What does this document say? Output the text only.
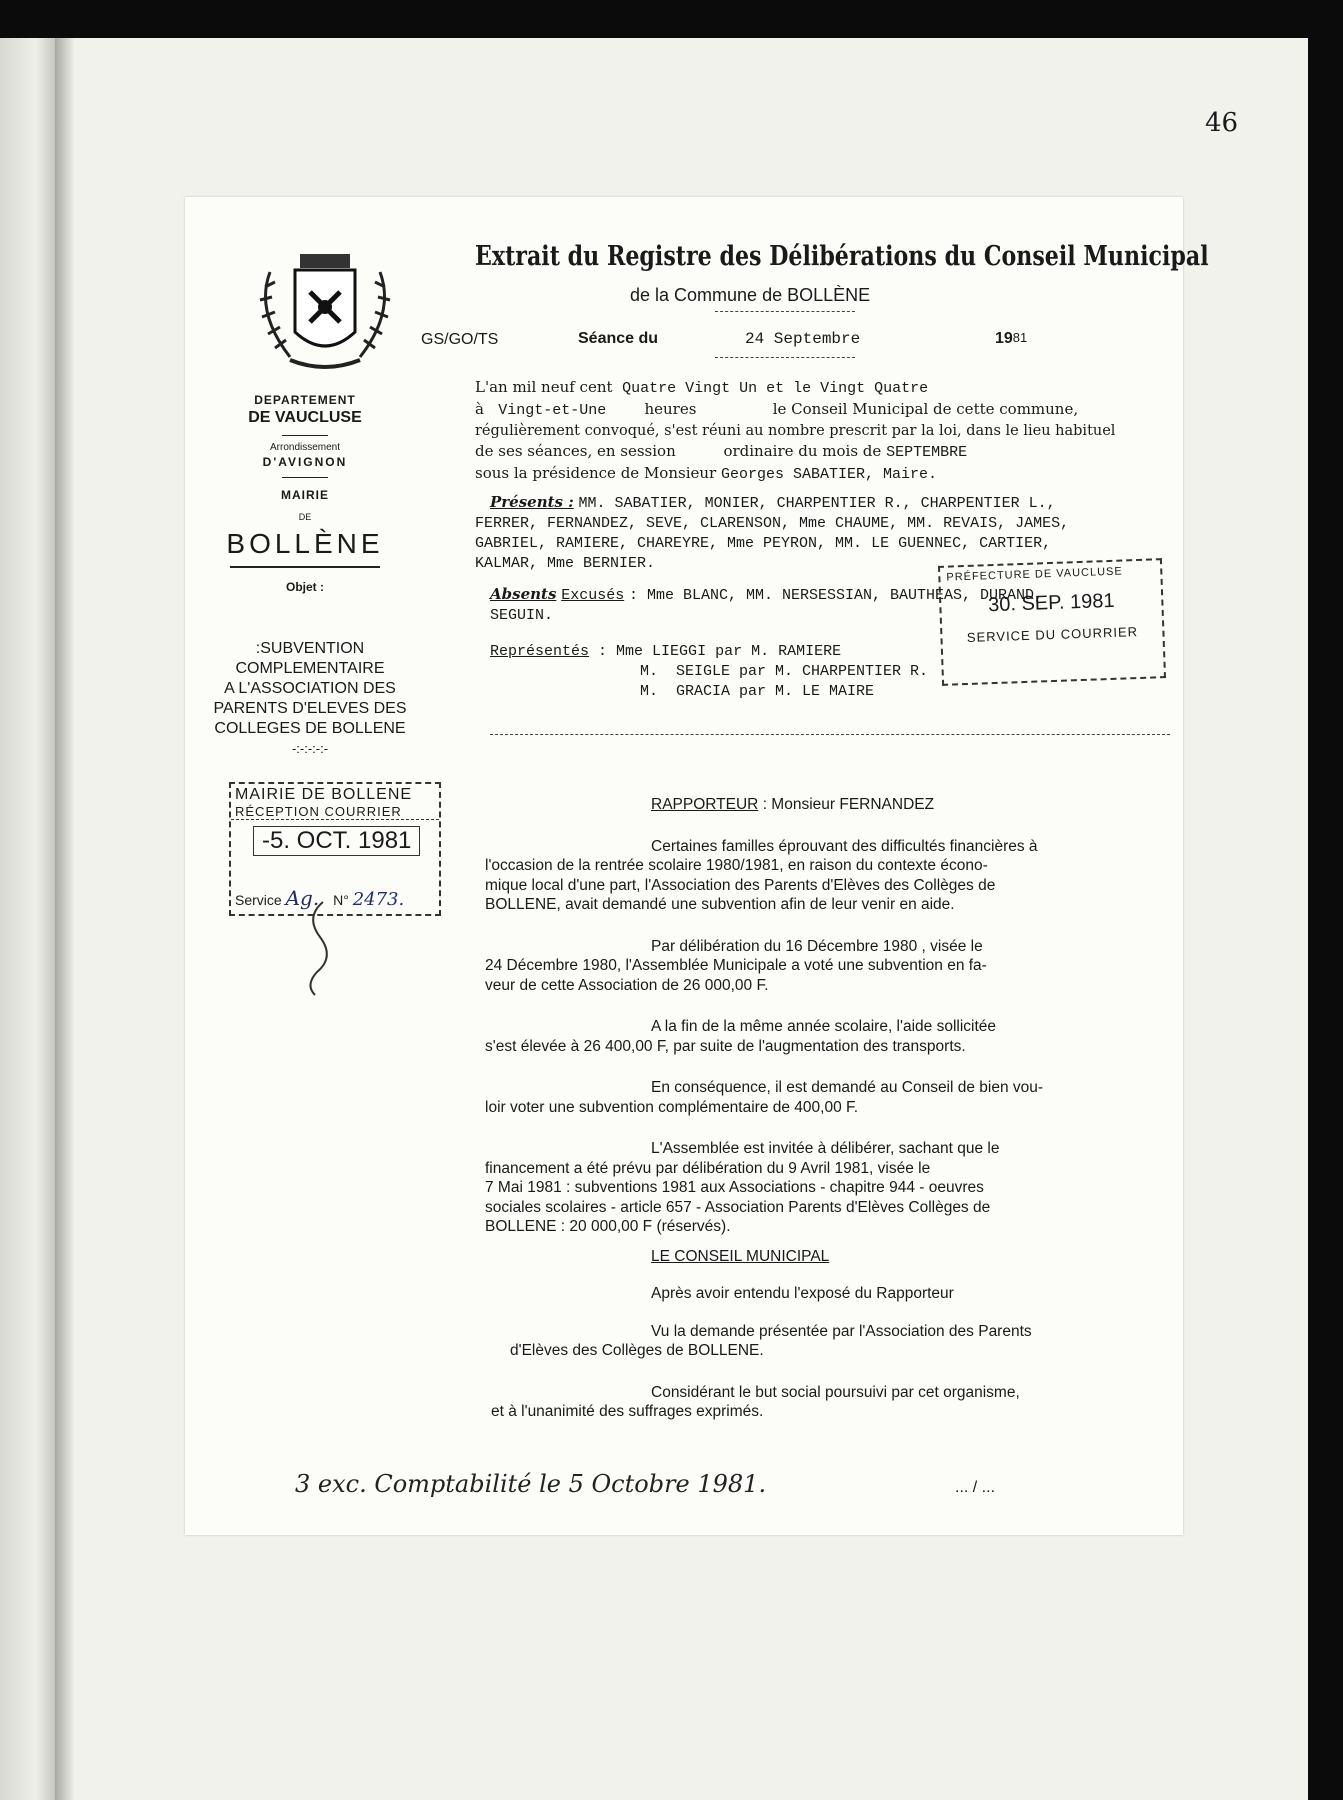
46
DEPARTEMENT
DE VAUCLUSE
Arrondissement
D'AVIGNON
MAIRIE
DE
BOLLÈNE
Objet :
:SUBVENTION
COMPLEMENTAIRE
A L'ASSOCIATION DES
PARENTS D'ELEVES DES
COLLEGES DE BOLLENE
-:-:-:-:-
MAIRIE DE BOLLENE
RÉCEPTION COURRIER
-5. OCT. 1981
Service Ag. N° 2473.
Extrait du Registre des Délibérations du Conseil Municipal
de la Commune de BOLLÈNE
GS/GO/TS	Séance du	24 Septembre	$19^{81}$
L'an mil neuf cent Quatre Vingt Un et le Vingt Quatre
à Vingt-et-Une	heures	le Conseil Municipal de cette commune,
régulièrement convoqué, s'est réuni au nombre prescrit par la loi, dans le lieu habituel
de ses séances, en session	ordinaire du mois de SEPTEMBRE
sous la présidence de Monsieur Georges SABATIER, Maire.
Présents : MM. SABATIER, MONIER, CHARPENTIER R., CHARPENTIER L.,
FERRER, FERNANDEZ, SEVE, CLARENSON, Mme CHAUME, MM. REVAIS, JAMES,
GABRIEL, RAMIERE, CHAREYRE, Mme PEYRON, MM. LE GUENNEC, CARTIER,
KALMAR, Mme BERNIER.
Absents Excusés : Mme BLANC, MM. NERSESSIAN, BAUTHEAS, DURAND,
SEGUIN.
Représentés : Mme LIEGGI par M. RAMIERE
M.  SEIGLE par M. CHARPENTIER R.
M.  GRACIA par M. LE MAIRE
PRÉFECTURE DE VAUCLUSE
30. SEP. 1981
SERVICE DU COURRIER
RAPPORTEUR : Monsieur FERNANDEZ
Certaines familles éprouvant des difficultés financières à
l'occasion de la rentrée scolaire 1980/1981, en raison du contexte écono-
mique local d'une part, l'Association des Parents d'Elèves des Collèges de
BOLLENE, avait demandé une subvention afin de leur venir en aide.
Par délibération du 16 Décembre 1980 , visée le
24 Décembre 1980, l'Assemblée Municipale a voté une subvention en fa-
veur de cette Association de 26 000,00 F.
A la fin de la même année scolaire, l'aide sollicitée
s'est élevée à 26 400,00 F, par suite de l'augmentation des transports.
En conséquence, il est demandé au Conseil de bien vou-
loir voter une subvention complémentaire de 400,00 F.
L'Assemblée est invitée à délibérer, sachant que le
financement a été prévu par délibération du 9 Avril 1981, visée le
7 Mai 1981 : subventions 1981 aux Associations - chapitre 944 - oeuvres
sociales scolaires - article 657 - Association Parents d'Elèves Collèges de
BOLLENE : 20 000,00 F (réservés).
LE CONSEIL MUNICIPAL
Après avoir entendu l'exposé du Rapporteur
Vu la demande présentée par l'Association des Parents
d'Elèves des Collèges de BOLLENE.
Considérant le but social poursuivi par cet organisme,
et à l'unanimité des suffrages exprimés.
3 exc. Comptabilité le 5 Octobre 1981.	... / ...
